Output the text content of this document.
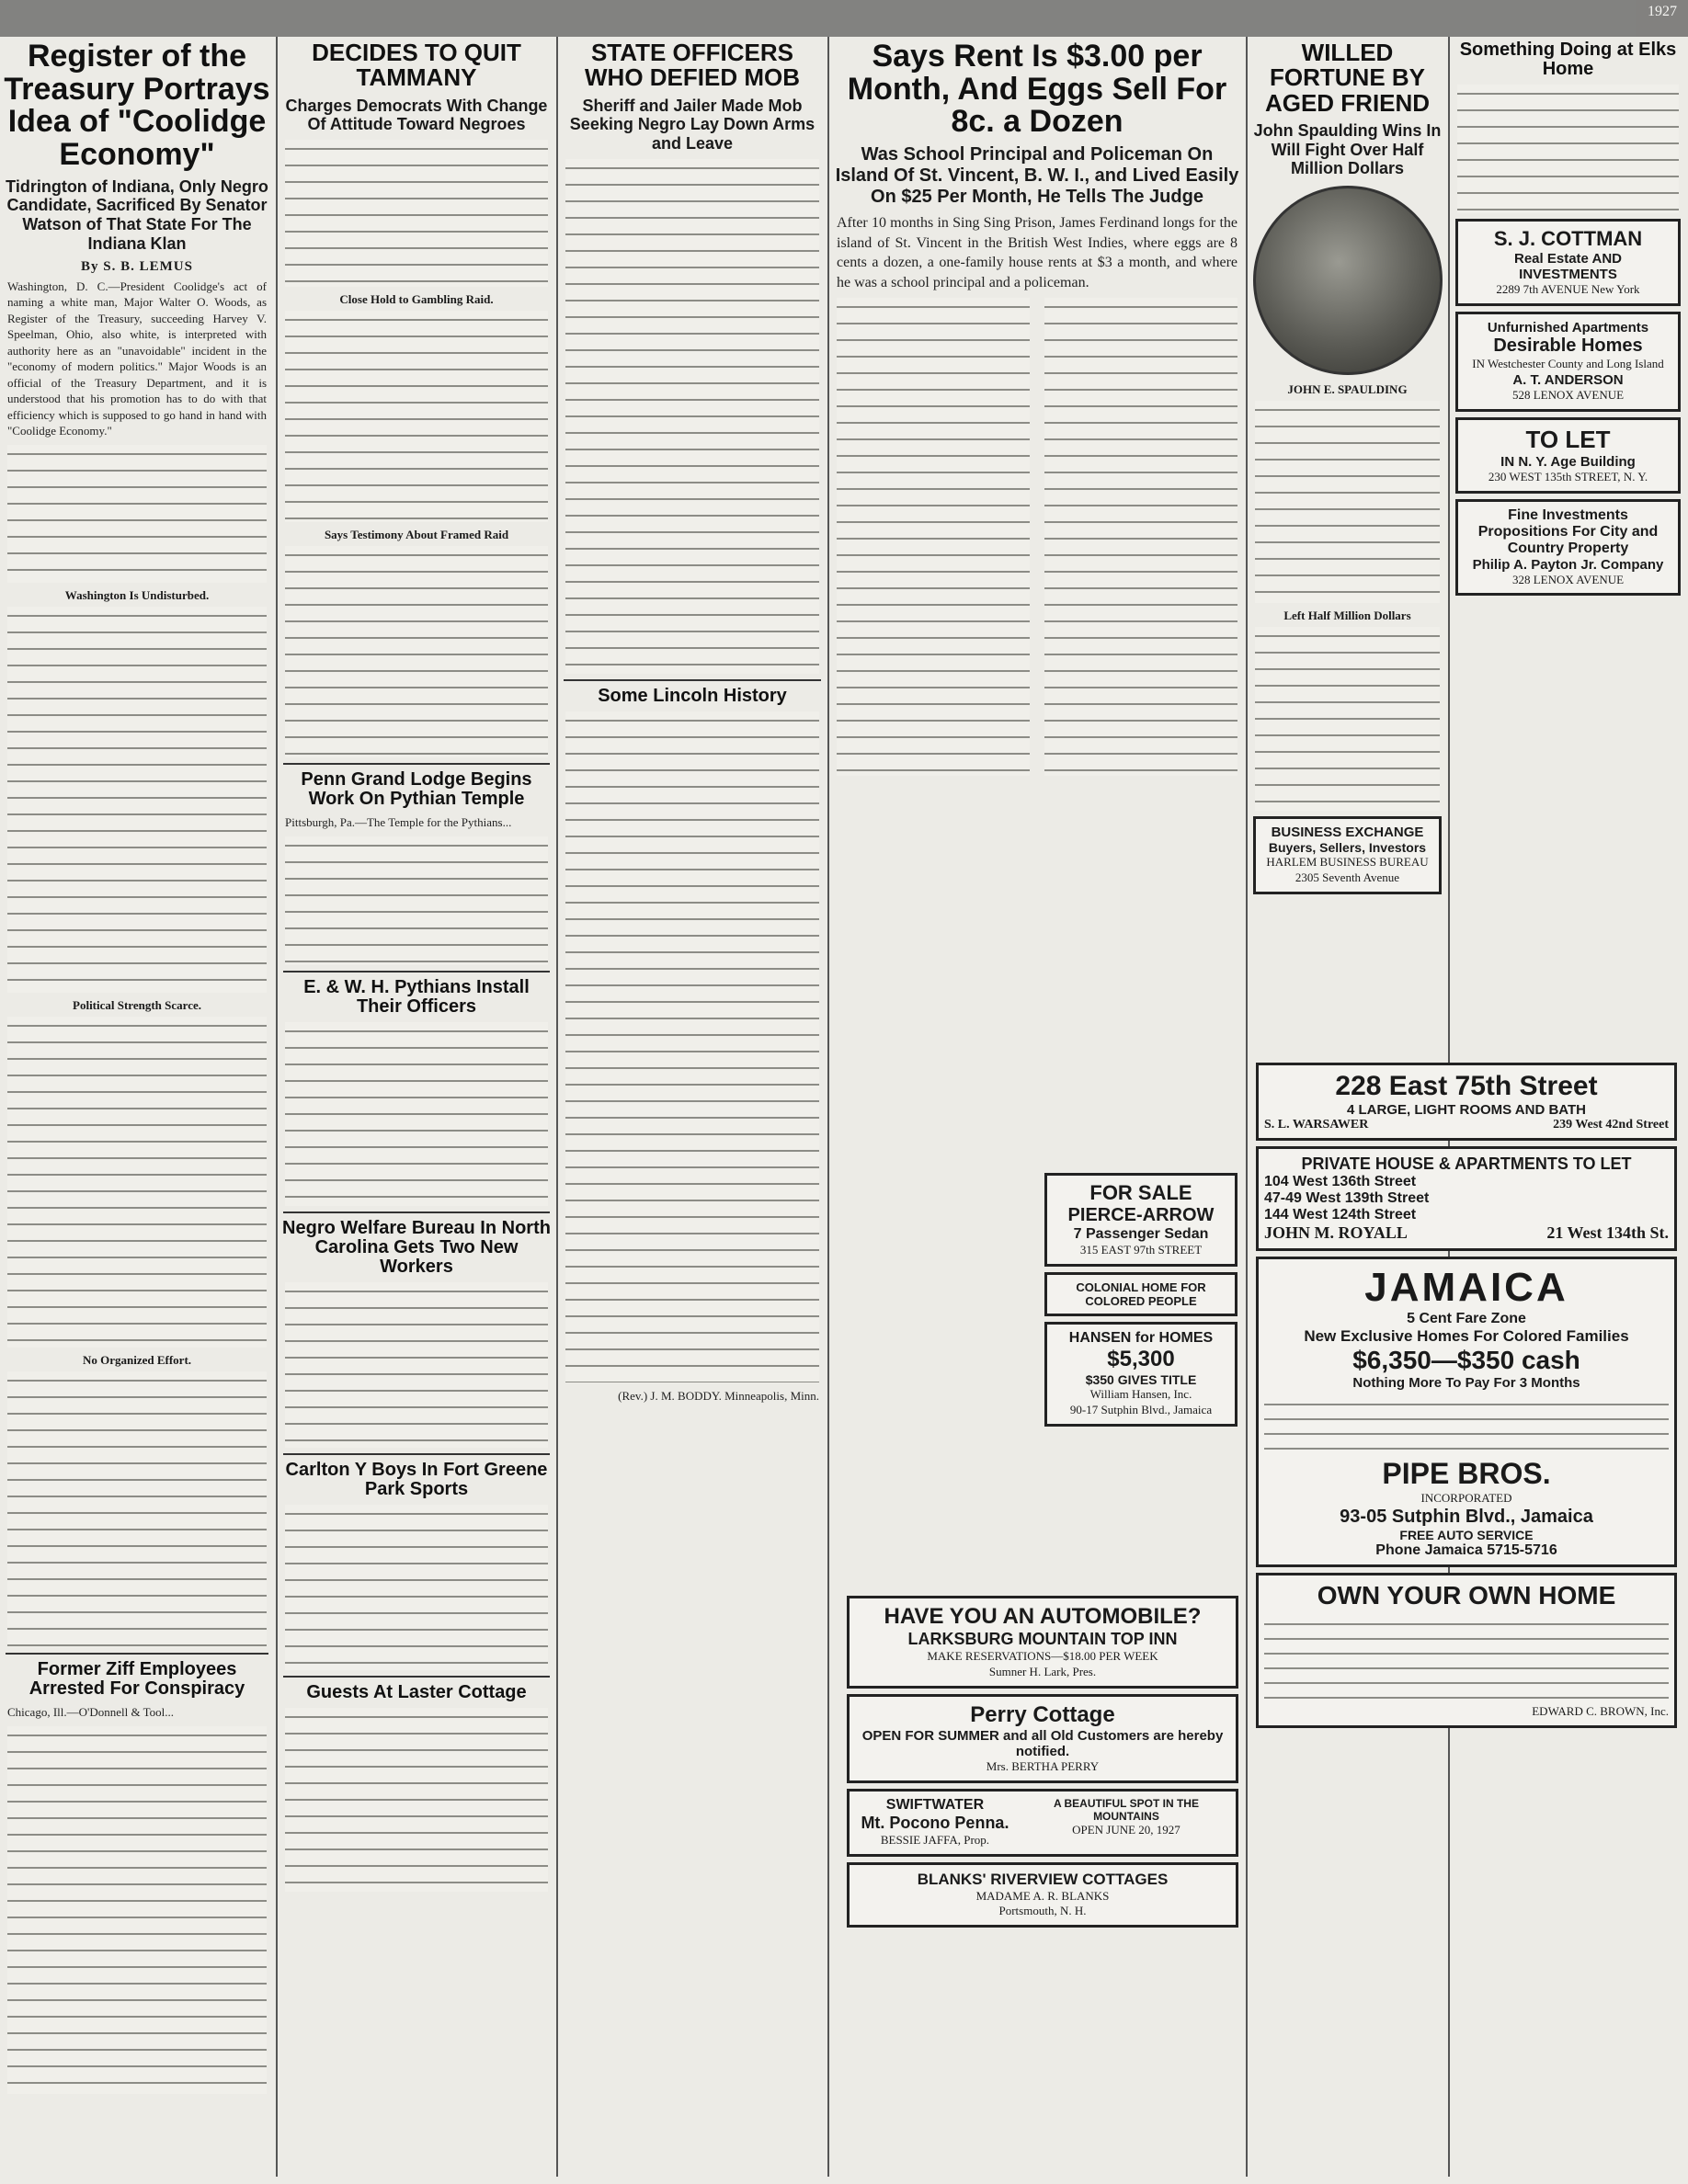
1927
Register of the Treasury Portrays Idea of "Coolidge Economy"
Tidrington of Indiana, Only Negro Candidate, Sacrificed By Senator Watson of That State For The Indiana Klan
By S. B. LEMUS
Washington, D. C.—President Coolidge's act of naming a white man, Major Walter O. Woods, as Register of the Treasury, succeeding Harvey V. Speelman, Ohio, also white, is interpreted with authority here as an "unavoidable" incident in the "economy of modern politics." Major Woods is an official of the Treasury Department, and it is understood that his promotion has to do with that efficiency which is supposed to go hand in hand with "Coolidge Economy."
Washington Is Undisturbed.
Political Strength Scarce.
No Organized Effort.
Former Ziff Employees Arrested For Conspiracy
Chicago, Ill.—O'Donnell & Tool...
DECIDES TO QUIT TAMMANY
Charges Democrats With Change Of Attitude Toward Negroes
Close Hold to Gambling Raid.
Says Testimony About Framed Raid
Penn Grand Lodge Begins Work On Pythian Temple
Pittsburgh, Pa.—The Temple for the Pythians...
E. & W. H. Pythians Install Their Officers
Negro Welfare Bureau In North Carolina Gets Two New Workers
Carlton Y Boys In Fort Greene Park Sports
Guests At Laster Cottage
STATE OFFICERS WHO DEFIED MOB
Sheriff and Jailer Made Mob Seeking Negro Lay Down Arms and Leave
Some Lincoln History
(Rev.) J. M. BODDY. Minneapolis, Minn.
Says Rent Is $3.00 per Month, And Eggs Sell For 8c. a Dozen
Was School Principal and Policeman On Island Of St. Vincent, B. W. I., and Lived Easily On $25 Per Month, He Tells The Judge
After 10 months in Sing Sing Prison, James Ferdinand longs for the island of St. Vincent in the British West Indies, where eggs are 8 cents a dozen, a one-family house rents at $3 a month, and where he was a school principal and a policeman.
FOR SALE
PIERCE-ARROW
7 Passenger Sedan
315 EAST 97th STREET
COLONIAL HOME FOR COLORED PEOPLE
HANSEN for HOMES
$5,300
$350 GIVES TITLE
William Hansen, Inc.
90-17 Sutphin Blvd., Jamaica
HAVE YOU AN AUTOMOBILE?
LARKSBURG MOUNTAIN TOP INN
MAKE RESERVATIONS—$18.00 PER WEEK
Sumner H. Lark, Pres.
Perry Cottage
OPEN FOR SUMMER and all Old Customers are hereby notified.
Mrs. BERTHA PERRY
SWIFTWATER
Mt. Pocono Penna.
BESSIE JAFFA, Prop.
A BEAUTIFUL SPOT IN THE MOUNTAINS
OPEN JUNE 20, 1927
BLANKS' RIVERVIEW COTTAGES
MADAME A. R. BLANKS
Portsmouth, N. H.
WILLED FORTUNE BY AGED FRIEND
John Spaulding Wins In Will Fight Over Half Million Dollars
JOHN E. SPAULDING
Left Half Million Dollars
BUSINESS EXCHANGE
Buyers, Sellers, Investors
HARLEM BUSINESS BUREAU
2305 Seventh Avenue
Something Doing at Elks Home
S. J. COTTMAN
Real Estate AND INVESTMENTS
2289 7th AVENUE New York
Unfurnished Apartments
Desirable Homes
IN Westchester County and Long Island
A. T. ANDERSON
528 LENOX AVENUE
TO LET
IN N. Y. Age Building
230 WEST 135th STREET, N. Y.
Fine Investments Propositions For City and Country Property
Philip A. Payton Jr. Company
328 LENOX AVENUE
228 East 75th Street
4 LARGE, LIGHT ROOMS AND BATH
S. L. WARSAWER	239 West 42nd Street
PRIVATE HOUSE & APARTMENTS TO LET
104 West 136th Street
47-49 West 139th Street
144 West 124th Street
JOHN M. ROYALL	21 West 134th St.
JAMAICA
5 Cent Fare Zone
New Exclusive Homes For Colored Families
$6,350—$350 cash
Nothing More To Pay For 3 Months
PIPE BROS.
INCORPORATED
93-05 Sutphin Blvd., Jamaica
FREE AUTO SERVICE
Phone Jamaica 5715-5716
OWN YOUR OWN HOME
EDWARD C. BROWN, Inc.
